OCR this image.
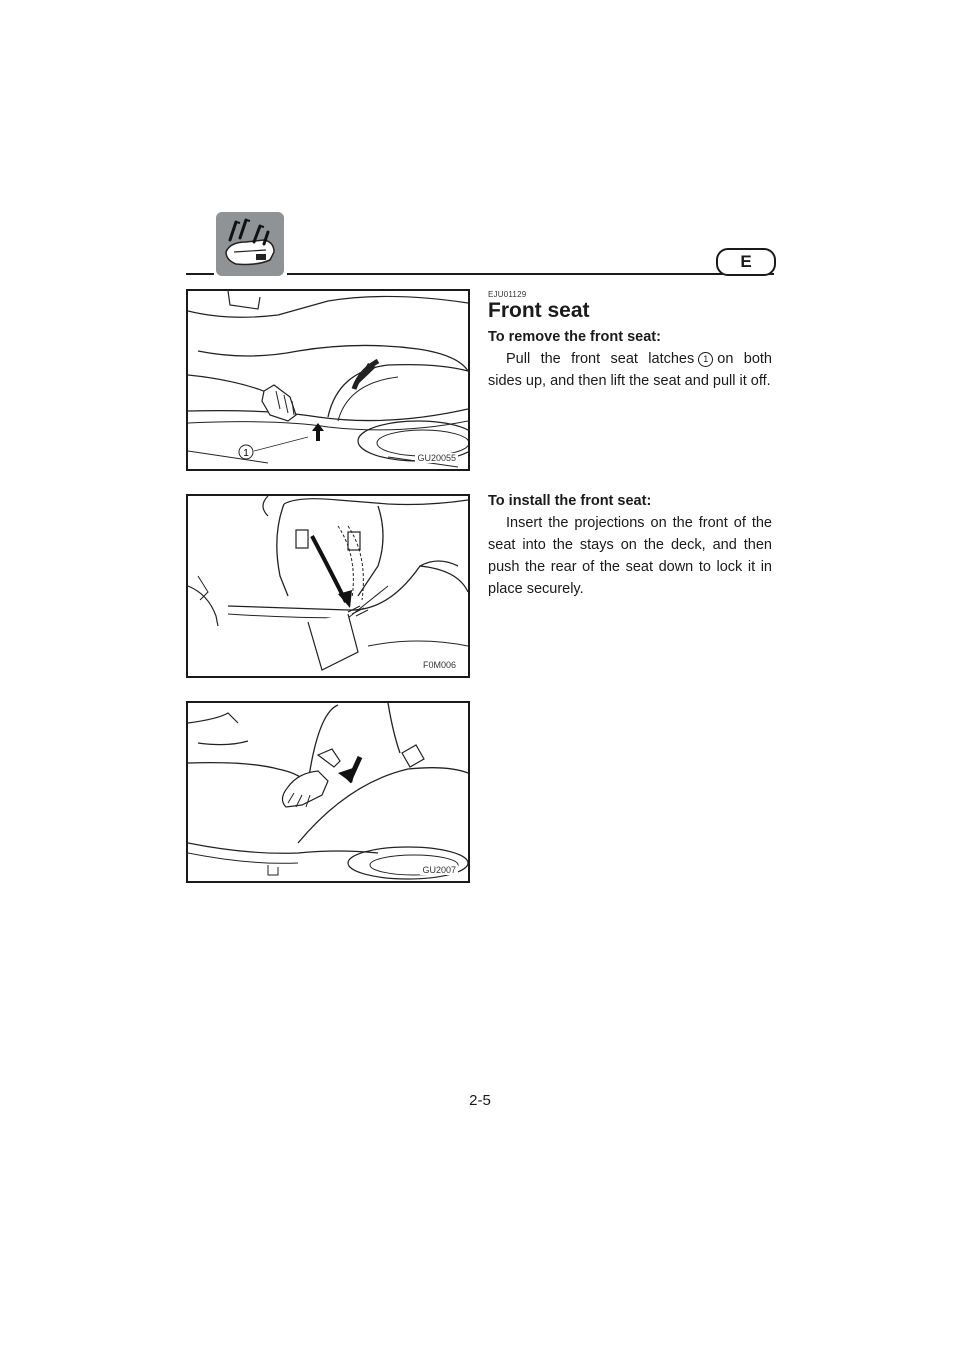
E
1	GU20055
F0M006
GU2007
EJU01129
Front seat
To remove the front seat:

Pull the front seat latches 1 on both sides up, and then lift the seat and pull it off.

To install the front seat:

Insert the projections on the front of the seat into the stays on the deck, and then push the rear of the seat down to lock it in place securely.

2-5
